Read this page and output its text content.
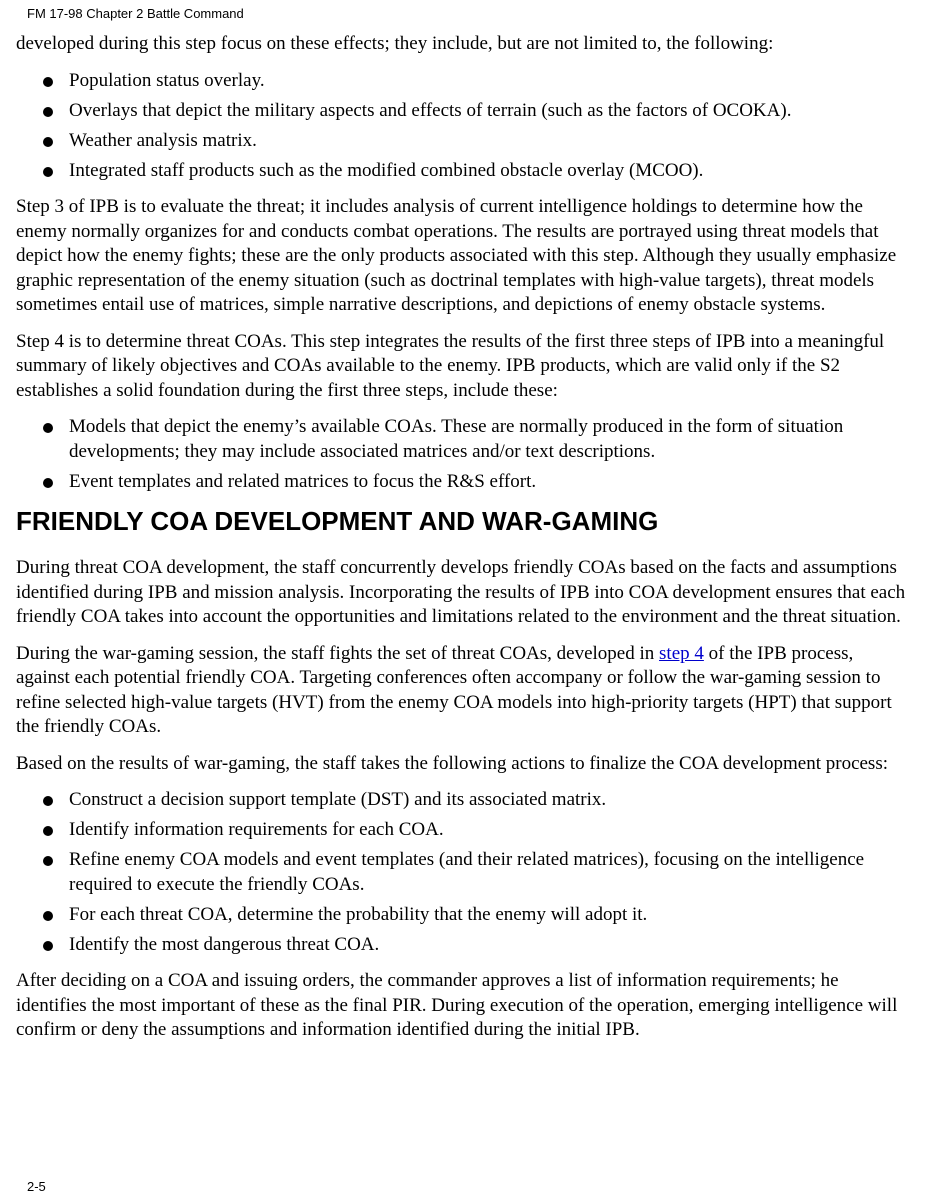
FM 17-98 Chapter 2 Battle Command

developed during this step focus on these effects; they include, but are not limited to, the following:

Population status overlay.
Overlays that depict the military aspects and effects of terrain (such as the factors of OCOKA).
Weather analysis matrix.
Integrated staff products such as the modified combined obstacle overlay (MCOO).

Step 3 of IPB is to evaluate the threat; it includes analysis of current intelligence holdings to determine how the enemy normally organizes for and conducts combat operations. The results are portrayed using threat models that depict how the enemy fights; these are the only products associated with this step. Although they usually emphasize graphic representation of the enemy situation (such as doctrinal templates with high-value targets), threat models sometimes entail use of matrices, simple narrative descriptions, and depictions of enemy obstacle systems.

Step 4 is to determine threat COAs. This step integrates the results of the first three steps of IPB into a meaningful summary of likely objectives and COAs available to the enemy. IPB products, which are valid only if the S2 establishes a solid foundation during the first three steps, include these:

Models that depict the enemy’s available COAs. These are normally produced in the form of situation developments; they may include associated matrices and/or text descriptions.
Event templates and related matrices to focus the R&S effort.
FRIENDLY COA DEVELOPMENT AND WAR-GAMING

During threat COA development, the staff concurrently develops friendly COAs based on the facts and assumptions identified during IPB and mission analysis. Incorporating the results of IPB into COA development ensures that each friendly COA takes into account the opportunities and limitations related to the environment and the threat situation.

During the war-gaming session, the staff fights the set of threat COAs, developed in step 4 of the IPB process, against each potential friendly COA. Targeting conferences often accompany or follow the war-gaming session to refine selected high-value targets (HVT) from the enemy COA models into high-priority targets (HPT) that support the friendly COAs.

Based on the results of war-gaming, the staff takes the following actions to finalize the COA development process:

Construct a decision support template (DST) and its associated matrix.
Identify information requirements for each COA.
Refine enemy COA models and event templates (and their related matrices), focusing on the intelligence required to execute the friendly COAs.
For each threat COA, determine the probability that the enemy will adopt it.
Identify the most dangerous threat COA.

After deciding on a COA and issuing orders, the commander approves a list of information requirements; he identifies the most important of these as the final PIR. During execution of the operation, emerging intelligence will confirm or deny the assumptions and information identified during the initial IPB.

2-5
